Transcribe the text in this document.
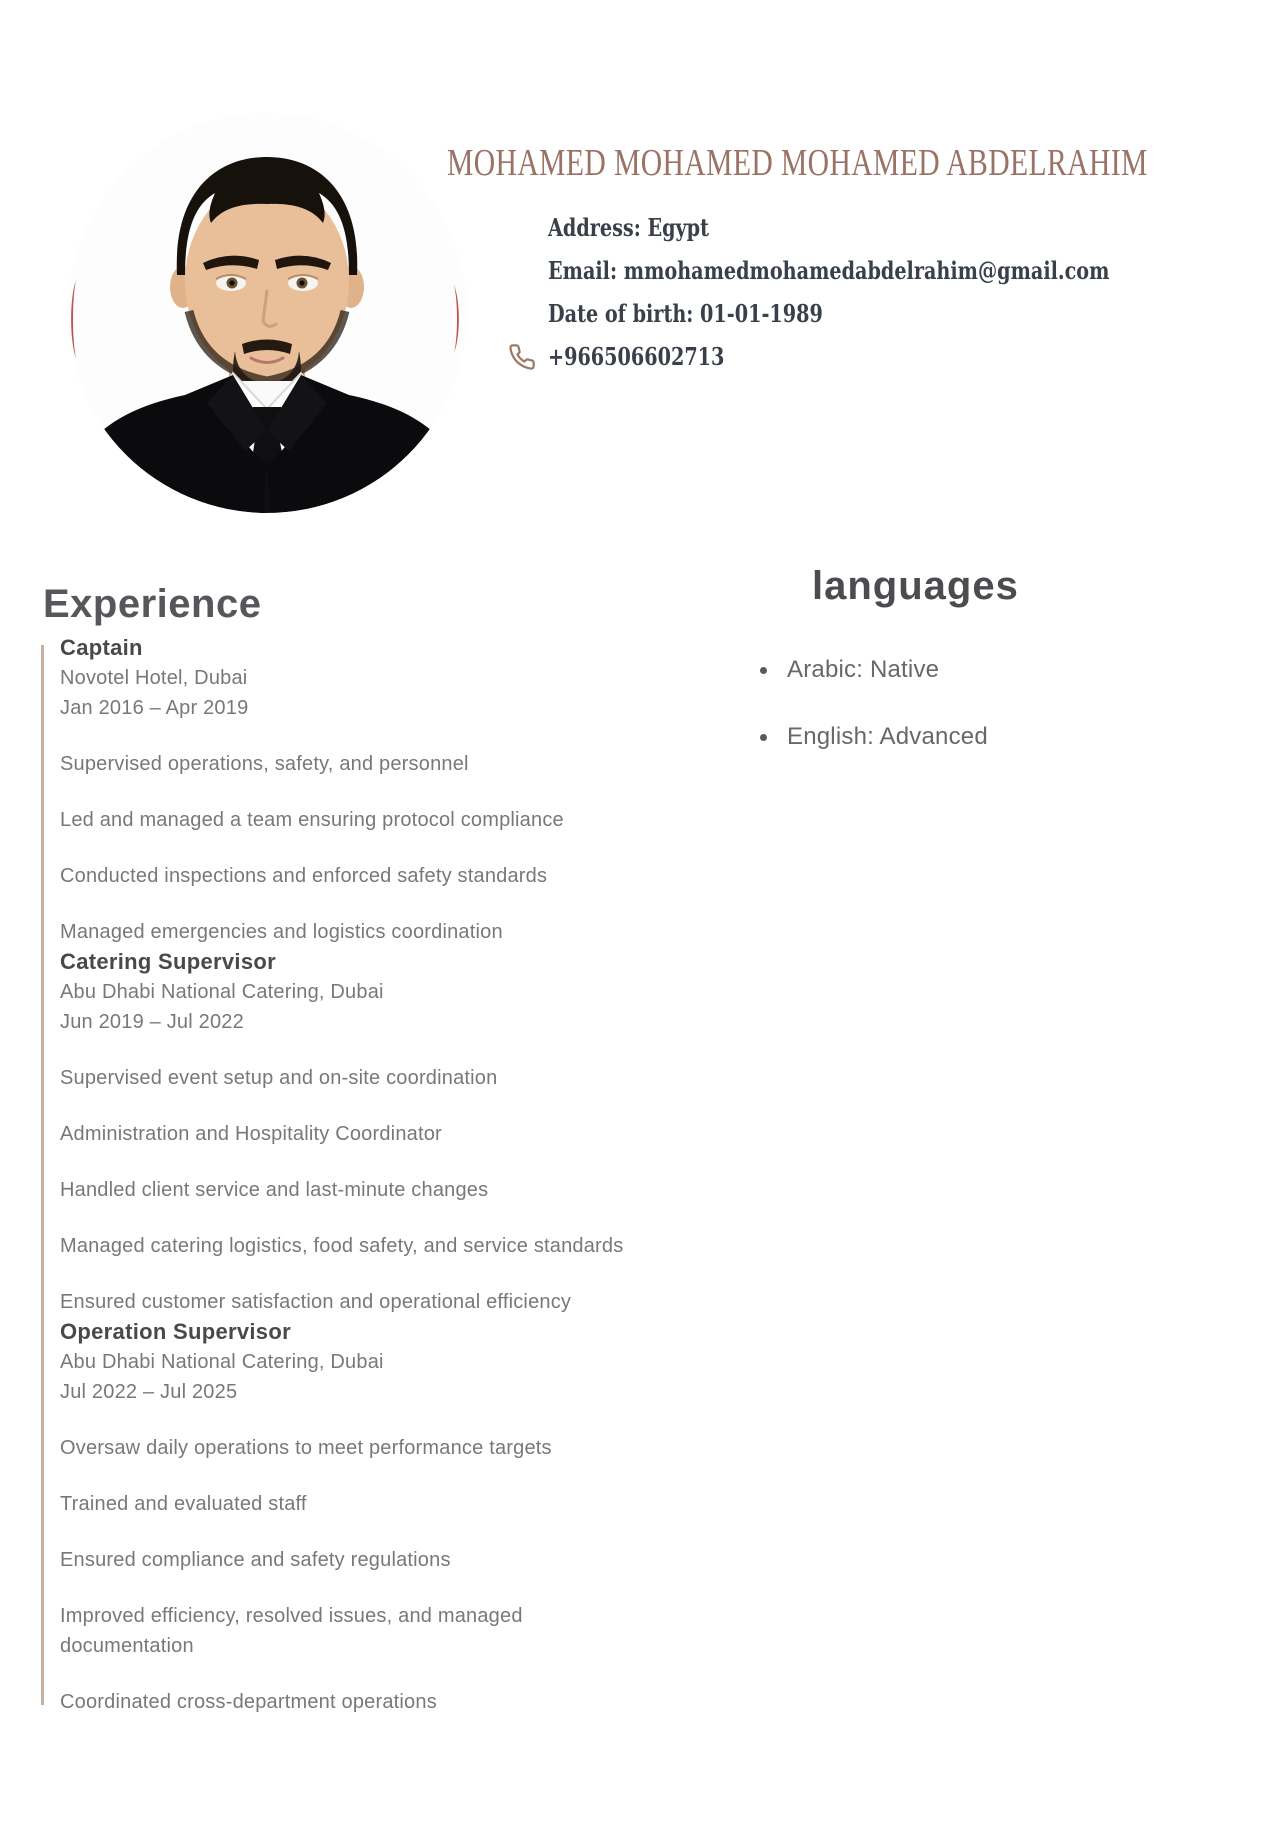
MOHAMED MOHAMED MOHAMED ABDELRAHIM
Address: Egypt
Email: mmohamedmohamedabdelrahim@gmail.com
Date of birth: 01-01-1989
+966506602713
Experience
Captain
Novotel Hotel, Dubai
Jan 2016 – Apr 2019
Supervised operations, safety, and personnel
Led and managed a team ensuring protocol compliance
Conducted inspections and enforced safety standards
Managed emergencies and logistics coordination
Catering Supervisor
Abu Dhabi National Catering, Dubai
Jun 2019 – Jul 2022
Supervised event setup and on-site coordination
Administration and Hospitality Coordinator
Handled client service and last-minute changes
Managed catering logistics, food safety, and service standards
Ensured customer satisfaction and operational efficiency
Operation Supervisor
Abu Dhabi National Catering, Dubai
Jul 2022 – Jul 2025
Oversaw daily operations to meet performance targets
Trained and evaluated staff
Ensured compliance and safety regulations
Improved efficiency, resolved issues, and managed documentation
Coordinated cross-department operations
languages
Arabic: Native
English: Advanced
